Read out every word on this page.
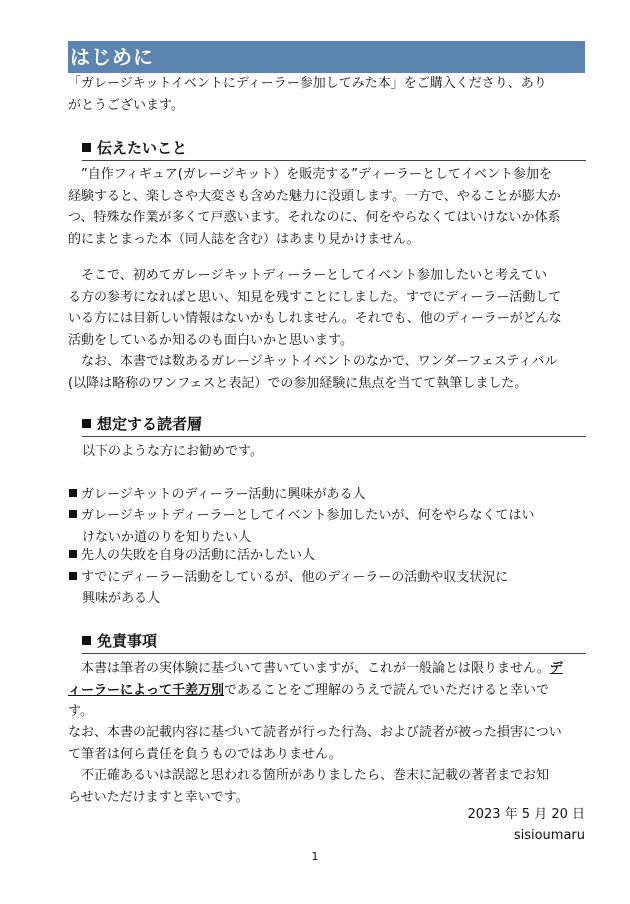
はじめに
「ガレージキットイベントにディーラー参加してみた本」をご購入くださり、あり
がとうございます。
伝えたいこと
　”自作フィギュア(ガレージキット）を販売する”ディーラーとしてイベント参加を
経験すると、楽しさや大変さも含めた魅力に没頭します。一方で、やることが膨大か
つ、特殊な作業が多くて戸惑います。それなのに、何をやらなくてはいけないか体系
的にまとまった本（同人誌を含む）はあまり見かけません。
　そこで、初めてガレージキットディーラーとしてイベント参加したいと考えてい
る方の参考になればと思い、知見を残すことにしました。すでにディーラー活動して
いる方には目新しい情報はないかもしれません。それでも、他のディーラーがどんな
活動をしているか知るのも面白いかと思います。
　なお、本書では数あるガレージキットイベントのなかで、ワンダーフェスティバル
(以降は略称のワンフェスと表記）での参加経験に焦点を当てて執筆しました。
想定する読者層
以下のような方にお勧めです。
ガレージキットのディーラー活動に興味がある人
ガレージキットディーラーとしてイベント参加したいが、何をやらなくてはい
けないか道のりを知りたい人
先人の失敗を自身の活動に活かしたい人
すでにディーラー活動をしているが、他のディーラーの活動や収支状況に
興味がある人
免責事項
　本書は筆者の実体験に基づいて書いていますが、これが一般論とは限りません。デ
ィーラーによって千差万別であることをご理解のうえで読んでいただけると幸いで
す。
なお、本書の記載内容に基づいて読者が行った行為、および読者が被った損害につい
て筆者は何ら責任を負うものではありません。
　不正確あるいは誤認と思われる箇所がありましたら、巻末に記載の著者までお知
らせいただけますと幸いです。
2023 年 5 月 20 日
sisioumaru
1
